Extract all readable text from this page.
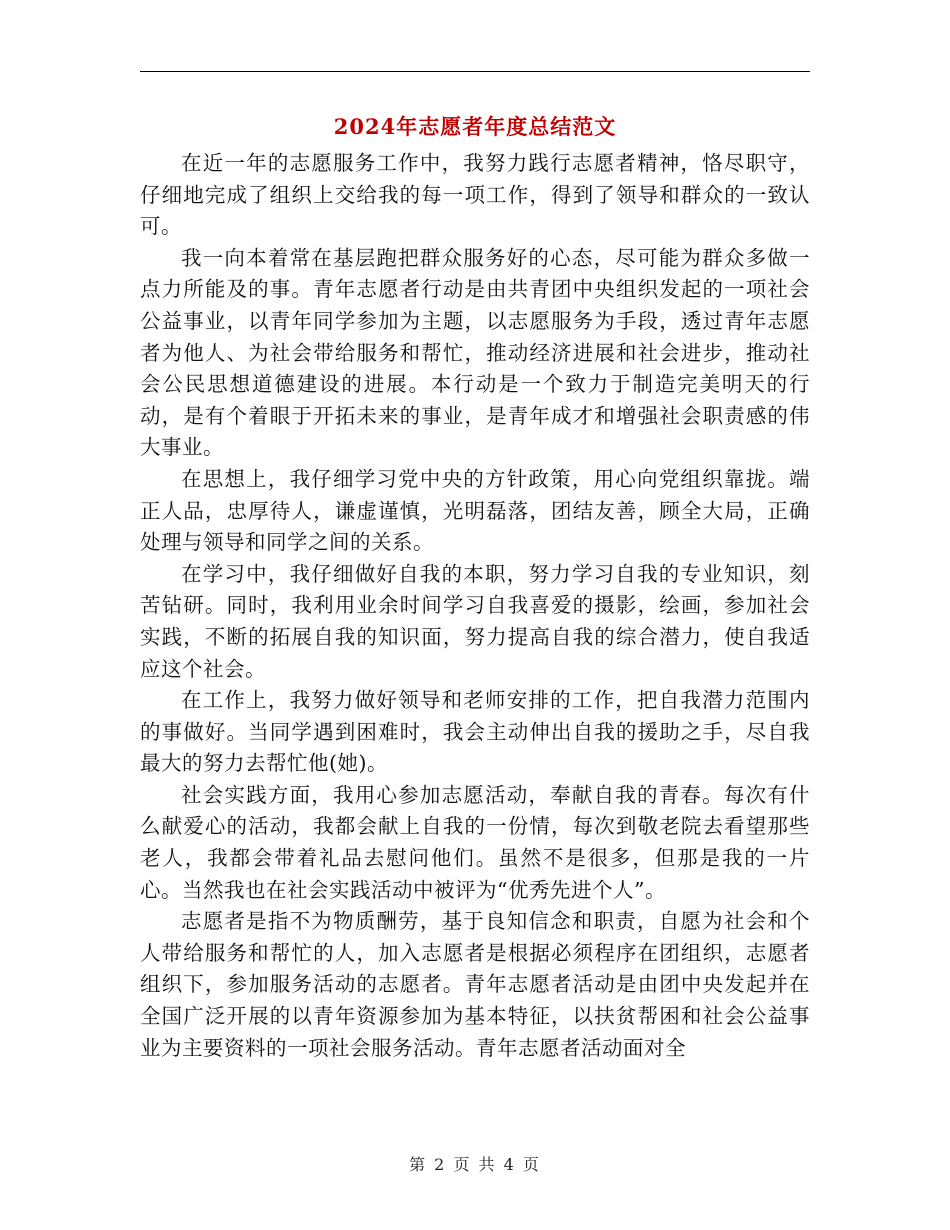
2024年志愿者年度总结范文

在近一年的志愿服务工作中，我努力践行志愿者精神，恪尽职守，仔细地完成了组织上交给我的每一项工作，得到了领导和群众的一致认可。

我一向本着常在基层跑把群众服务好的心态，尽可能为群众多做一点力所能及的事。青年志愿者行动是由共青团中央组织发起的一项社会公益事业，以青年同学参加为主题，以志愿服务为手段，透过青年志愿者为他人、为社会带给服务和帮忙，推动经济进展和社会进步，推动社会公民思想道德建设的进展。本行动是一个致力于制造完美明天的行动，是有个着眼于开拓未来的事业，是青年成才和增强社会职责感的伟大事业。

在思想上，我仔细学习党中央的方针政策，用心向党组织靠拢。端正人品，忠厚待人，谦虚谨慎，光明磊落，团结友善，顾全大局，正确处理与领导和同学之间的关系。

在学习中，我仔细做好自我的本职，努力学习自我的专业知识，刻苦钻研。同时，我利用业余时间学习自我喜爱的摄影，绘画，参加社会实践，不断的拓展自我的知识面，努力提高自我的综合潜力，使自我适应这个社会。

在工作上，我努力做好领导和老师安排的工作，把自我潜力范围内的事做好。当同学遇到困难时，我会主动伸出自我的援助之手，尽自我最大的努力去帮忙他(她)。

社会实践方面，我用心参加志愿活动，奉献自我的青春。每次有什么献爱心的活动，我都会献上自我的一份情，每次到敬老院去看望那些老人，我都会带着礼品去慰问他们。虽然不是很多，但那是我的一片心。当然我也在社会实践活动中被评为“优秀先进个人”。

志愿者是指不为物质酬劳，基于良知信念和职责，自愿为社会和个人带给服务和帮忙的人，加入志愿者是根据必须程序在团组织，志愿者组织下，参加服务活动的志愿者。青年志愿者活动是由团中央发起并在全国广泛开展的以青年资源参加为基本特征，以扶贫帮困和社会公益事业为主要资料的一项社会服务活动。青年志愿者活动面对全

第 2 页 共 4 页
